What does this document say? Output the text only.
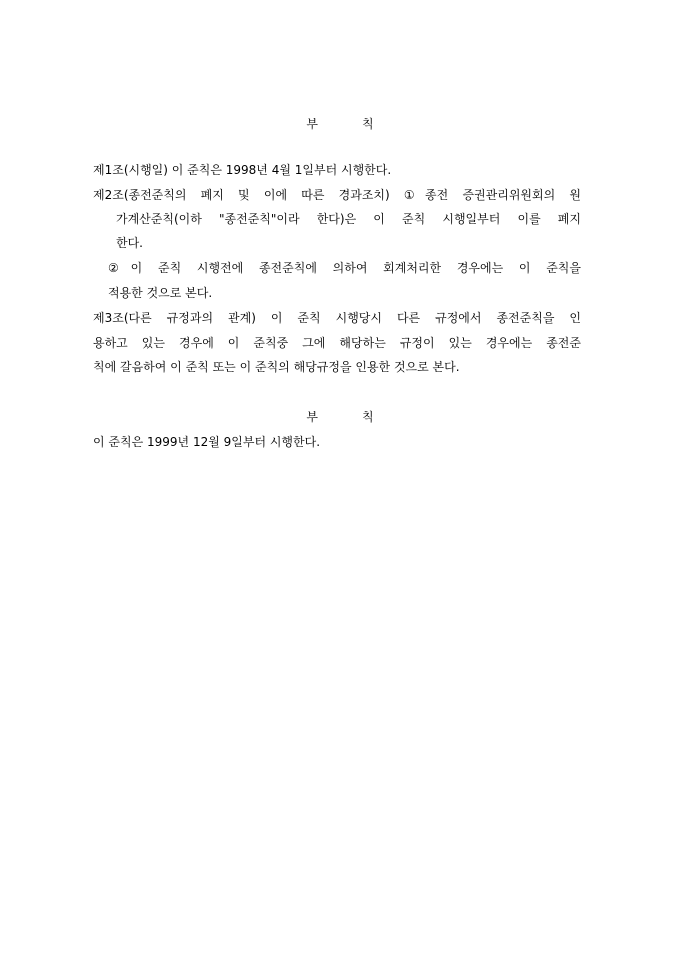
부	칙
제1조(시행일) 이 준칙은 1998년 4월 1일부터 시행한다.
제2조(종전준칙의 폐지 및 이에 따른 경과조치) ①종전 증권관리위원회의 원
가계산준칙(이하 "종전준칙"이라 한다)은 이 준칙 시행일부터 이를 폐지
한다.
②이 준칙 시행전에 종전준칙에 의하여 회계처리한 경우에는 이 준칙을
적용한 것으로 본다.
제3조(다른 규정과의 관계) 이 준칙 시행당시 다른 규정에서 종전준칙을 인
용하고 있는 경우에 이 준칙중 그에 해당하는 규정이 있는 경우에는 종전준
칙에 갈음하여 이 준칙 또는 이 준칙의 해당규정을 인용한 것으로 본다.
부	칙
이 준칙은 1999년 12월 9일부터 시행한다.
